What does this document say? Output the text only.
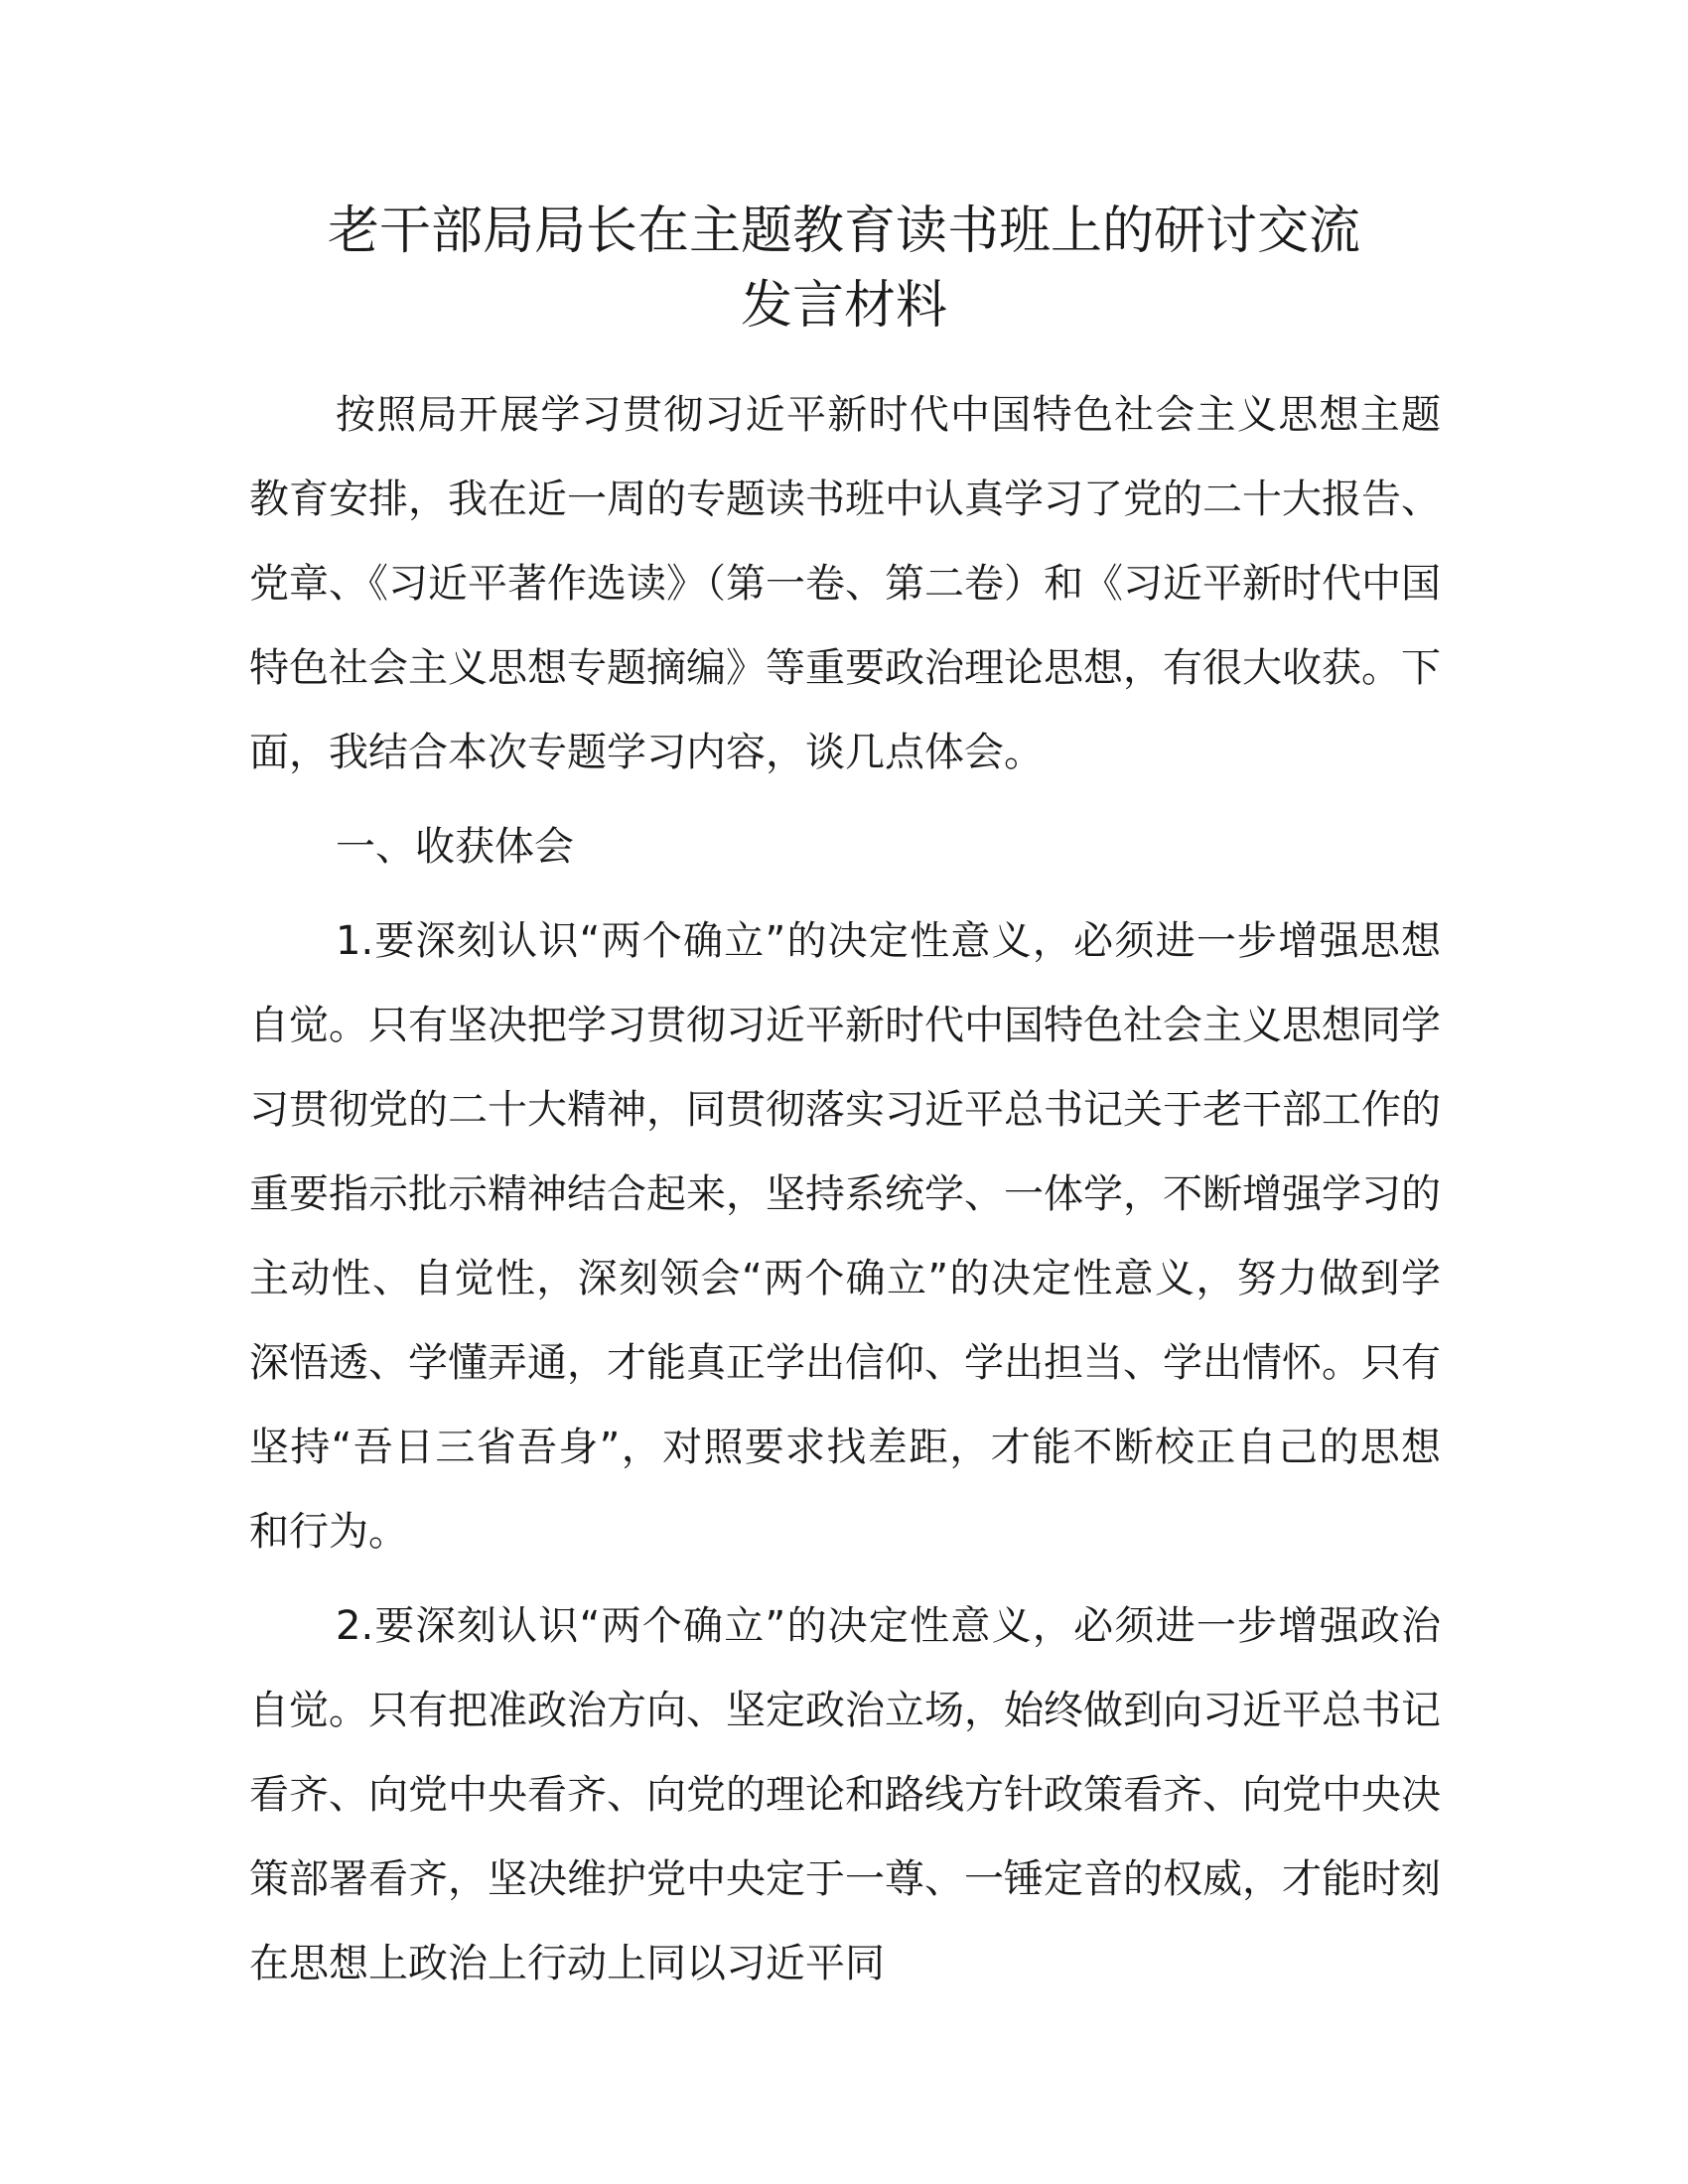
老干部局局长在主题教育读书班上的研讨交流
发言材料

按照局开展学习贯彻习近平新时代中国特色社会主义思想主题教育安排，我在近一周的专题读书班中认真学习了党的二十大报告、党章、《习近平著作选读》（第一卷、第二卷）和《习近平新时代中国特色社会主义思想专题摘编》等重要政治理论思想，有很大收获。下面，我结合本次专题学习内容，谈几点体会。

一、收获体会

1.要深刻认识“两个确立”的决定性意义，必须进一步增强思想自觉。只有坚决把学习贯彻习近平新时代中国特色社会主义思想同学习贯彻党的二十大精神，同贯彻落实习近平总书记关于老干部工作的重要指示批示精神结合起来，坚持系统学、一体学，不断增强学习的主动性、自觉性，深刻领会“两个确立”的决定性意义，努力做到学深悟透、学懂弄通，才能真正学出信仰、学出担当、学出情怀。只有坚持“吾日三省吾身”，对照要求找差距，才能不断校正自己的思想和行为。

2.要深刻认识“两个确立”的决定性意义，必须进一步增强政治自觉。只有把准政治方向、坚定政治立场，始终做到向习近平总书记看齐、向党中央看齐、向党的理论和路线方针政策看齐、向党中央决策部署看齐，坚决维护党中央定于一尊、一锤定音的权威，才能时刻在思想上政治上行动上同以习近平同
